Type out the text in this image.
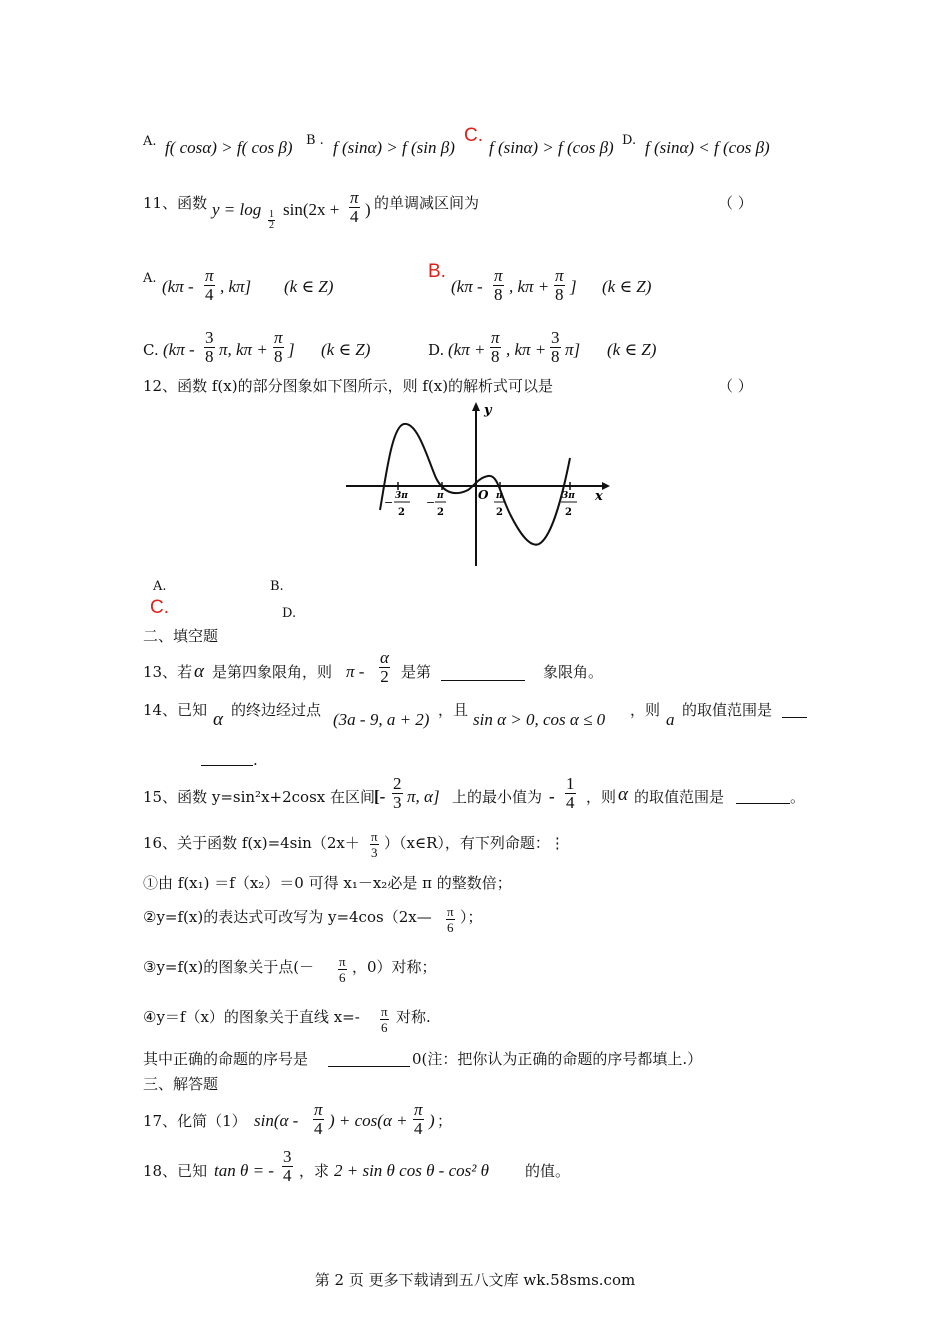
A. f( cosα) > f( cos β) B . f (sinα) > f (sin β)
C.
f (sinα) > f (cos β) D. f (sinα) < f (cos β)
11、函数 y = log
$\frac{1}{2}$
$\sin(2x + \frac{\pi}{4}$ ) 的单调减区间为	（ ）
A. ($k\pi - \frac{\pi}{4}$ , kπ] (k ∈ Z)
B.
($k\pi - \frac{\pi}{8}$ , $k\pi + \frac{\pi}{8}$ ] (k ∈ Z)
C. ($k\pi - \frac{3}{8} \pi$, $k\pi + \frac{\pi}{8}$ ] (k ∈ Z)	D. ($k\pi + \frac{\pi}{8}$ , $k\pi + \frac{3}{8} \pi$] (k ∈ Z)
12、函数 f(x)的部分图象如下图所示，则 f(x)的解析式可以是	（ ）
y
x
O
− 3π
2
− π
2
π
2
3π
2
A.	B.
C.	D.
二、填空题
13、若 α 是第四象限角，则 π - $\frac{\alpha}{2}$ 是第	象限角。
14、已知 α 的终边经过点 (3a - 9, a + 2) ，且 sin α > 0, cos α ≤ 0 ，则 a 的取值范围是
.
15、函数 y=sin²x+2cosx 在区间 [- $\frac{2}{3} \pi$, α] 上的最小值为 - $\frac{1}{4}$ ，则 α 的取值范围是	。
16、关于函数 $f(x)=4\sin(2x+ \frac{\pi}{3}$ ）（x∈R），有下列命题：⋮
①由 f(x₁) ＝f（x₂）＝0 可得 x₁－x₂必是 π 的整数倍；
②y=f(x)的表达式可改写为 y=4cos（2x— $\frac{\pi}{6}$ ）；
③y=f(x)的图象关于点(－ $\frac{\pi}{6}$ ，0）对称；
④y＝f（x）的图象关于直线 $x=- \frac{\pi}{6}$ 对称.
其中正确的命题的序号是	0(注：把你认为正确的命题的序号都填上.）
三、解答题
17、化简（1） $\sin(\alpha - \frac{\pi}{4}$ ) + $\cos(\alpha + \frac{\pi}{4}$ ) ；
18、已知 tan θ = - $\frac{3}{4}$ ，求 2 + sin θ cos θ - cos² θ 的值。
第 2 页 更多下载请到五八文库 wk.58sms.com
